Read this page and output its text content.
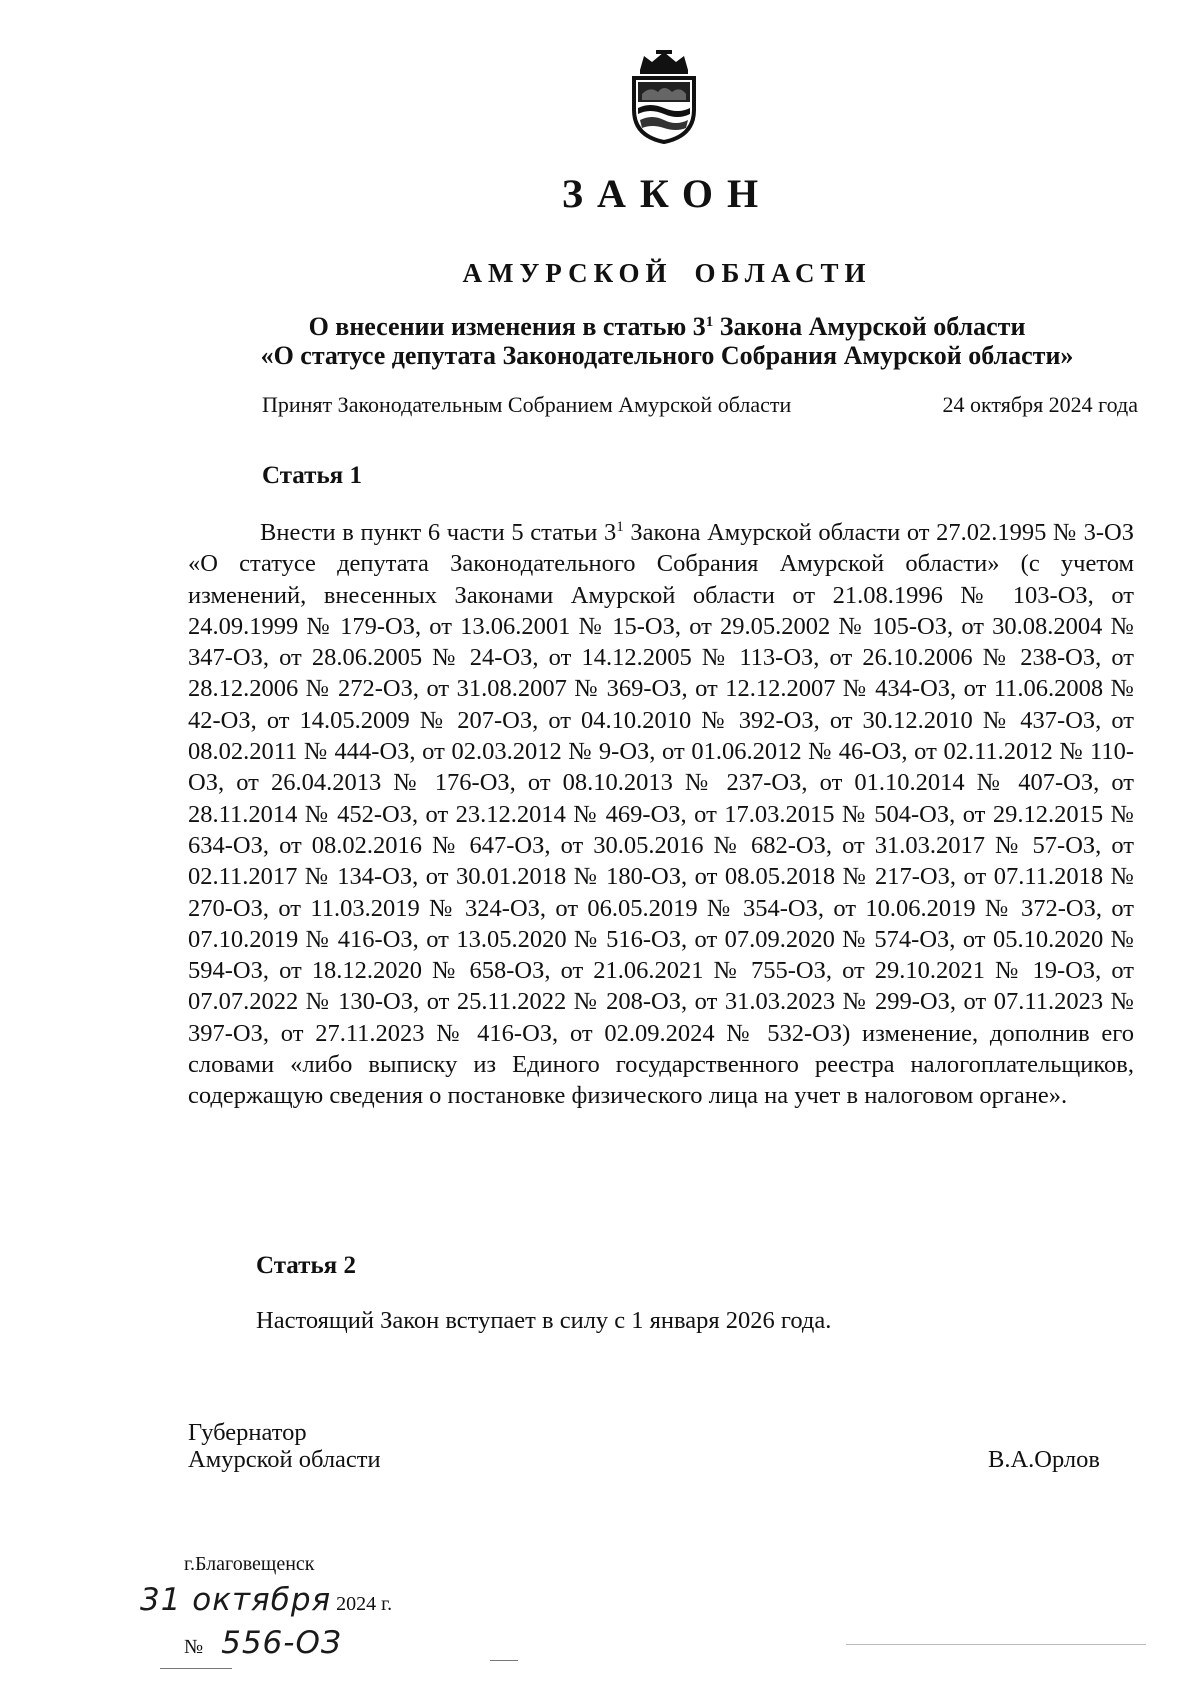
ЗАКОН
АМУРСКОЙ ОБЛАСТИ
О внесении изменения в статью $3^1$ Закона Амурской области
«О статусе депутата Законодательного Собрания Амурской области»
Принят Законодательным Собранием Амурской области	24 октября 2024 года
Статья 1

Внести в пункт 6 части 5 статьи $3^1$ Закона Амурской области от 27.02.1995 № 3-ОЗ «О статусе депутата Законодательного Собрания Амурской области» (с учетом изменений, внесенных Законами Амурской области от 21.08.1996 № 103-ОЗ, от 24.09.1999 № 179-ОЗ, от 13.06.2001 № 15-ОЗ, от 29.05.2002 № 105-ОЗ, от 30.08.2004 № 347-ОЗ, от 28.06.2005 № 24-ОЗ, от 14.12.2005 № 113-ОЗ, от 26.10.2006 № 238-ОЗ, от 28.12.2006 № 272-ОЗ, от 31.08.2007 № 369-ОЗ, от 12.12.2007 № 434-ОЗ, от 11.06.2008 № 42-ОЗ, от 14.05.2009 № 207-ОЗ, от 04.10.2010 № 392-ОЗ, от 30.12.2010 № 437-ОЗ, от 08.02.2011 № 444-ОЗ, от 02.03.2012 № 9-ОЗ, от 01.06.2012 № 46-ОЗ, от 02.11.2012 № 110-ОЗ, от 26.04.2013 № 176-ОЗ, от 08.10.2013 № 237-ОЗ, от 01.10.2014 № 407-ОЗ, от 28.11.2014 № 452-ОЗ, от 23.12.2014 № 469-ОЗ, от 17.03.2015 № 504-ОЗ, от 29.12.2015 № 634-ОЗ, от 08.02.2016 № 647-ОЗ, от 30.05.2016 № 682-ОЗ, от 31.03.2017 № 57-ОЗ, от 02.11.2017 № 134-ОЗ, от 30.01.2018 № 180-ОЗ, от 08.05.2018 № 217-ОЗ, от 07.11.2018 № 270-ОЗ, от 11.03.2019 № 324-ОЗ, от 06.05.2019 № 354-ОЗ, от 10.06.2019 № 372-ОЗ, от 07.10.2019 № 416-ОЗ, от 13.05.2020 № 516-ОЗ, от 07.09.2020 № 574-ОЗ, от 05.10.2020 № 594-ОЗ, от 18.12.2020 № 658-ОЗ, от 21.06.2021 № 755-ОЗ, от 29.10.2021 № 19-ОЗ, от 07.07.2022 № 130-ОЗ, от 25.11.2022 № 208-ОЗ, от 31.03.2023 № 299-ОЗ, от 07.11.2023 № 397-ОЗ, от 27.11.2023 № 416-ОЗ, от 02.09.2024 № 532-ОЗ) изменение, дополнив его словами «либо выписку из Единого государственного реестра налогоплательщиков, содержащую сведения о постановке физического лица на учет в налоговом органе».

Статья 2
Настоящий Закон вступает в силу с 1 января 2026 года.
Губернатор
Амурской области	В.А.Орлов
г.Благовещенск
31 октября 2024 г.
№ 556-ОЗ
